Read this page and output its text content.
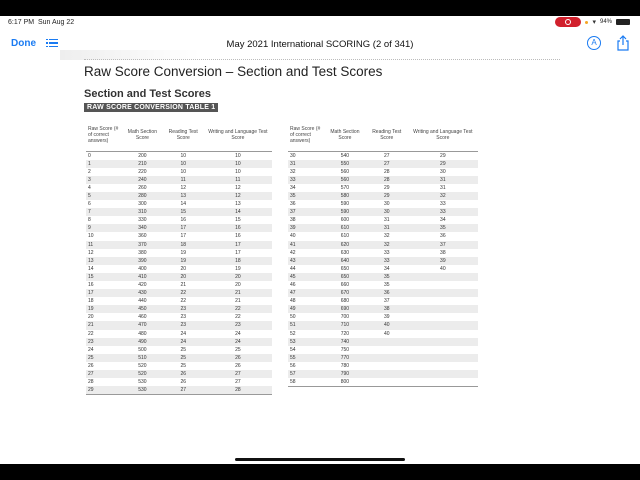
6:17 PM Sun Aug 22	▾ 94%
Done	May 2021 International SCORING (2 of 341)	A
Raw Score Conversion – Section and Test Scores
Section and Test Scores
RAW SCORE CONVERSION TABLE 1
Raw Score (# of correct answers)	Math Section Score	Reading Test Score	Writing and Language Test Score
0	200	10	10
1	210	10	10
2	220	10	10
3	240	11	11
4	260	12	12
5	280	13	12
6	300	14	13
7	310	15	14
8	330	16	15
9	340	17	16
10	360	17	16
11	370	18	17
12	380	19	17
13	390	19	18
14	400	20	19
15	410	20	20
16	420	21	20
17	430	22	21
18	440	22	21
19	450	23	22
20	460	23	22
21	470	23	23
22	480	24	24
23	490	24	24
24	500	25	25
25	510	25	26
26	520	25	26
27	520	26	27
28	530	26	27
29	530	27	28
Raw Score (# of correct answers)	Math Section Score	Reading Test Score	Writing and Language Test Score
30	540	27	29
31	550	27	29
32	560	28	30
33	560	28	31
34	570	29	31
35	580	29	32
36	590	30	33
37	590	30	33
38	600	31	34
39	610	31	35
40	610	32	36
41	620	32	37
42	630	33	38
43	640	33	39
44	650	34	40
45	650	35	
46	660	35	
47	670	36	
48	680	37	
49	690	38	
50	700	39	
51	710	40	
52	720	40	
53	740		
54	750		
55	770		
56	780		
57	790		
58	800		
